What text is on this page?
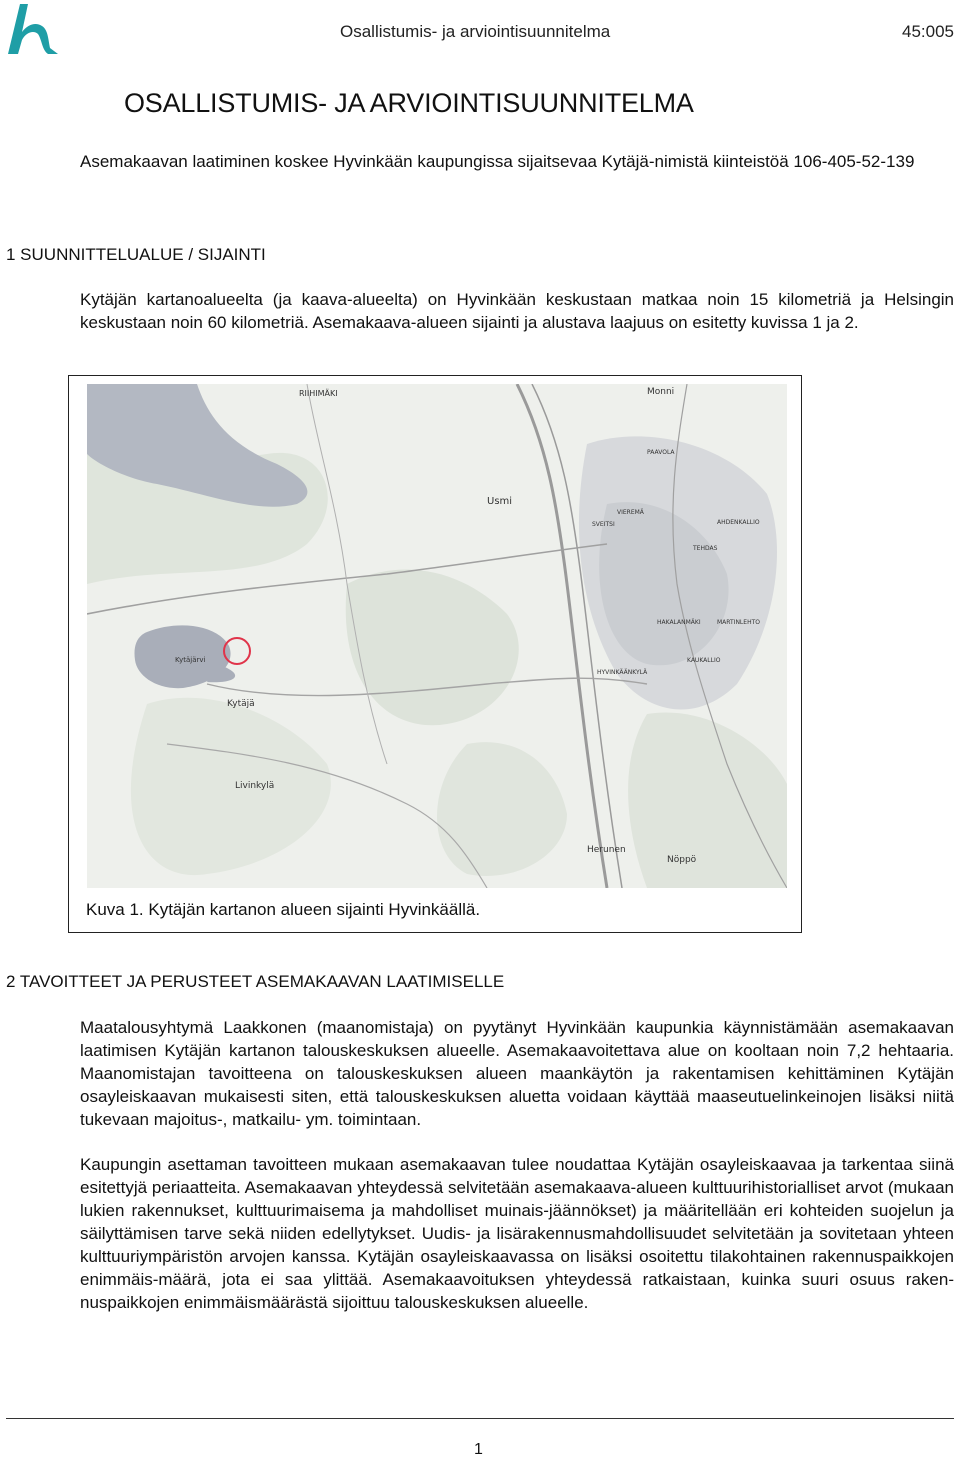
Osallistumis- ja arviointisuunnitelma	45:005
OSALLISTUMIS- JA ARVIOINTISUUNNITELMA
Asemakaavan laatiminen koskee Hyvinkään kaupungissa sijaitsevaa Kytäjä-nimistä kiinteistöä 106-405-52-139
1 SUUNNITTELUALUE / SIJAINTI
Kytäjän kartanoalueelta (ja kaava-alueelta) on Hyvinkään keskustaan matkaa noin 15 kilometriä ja Helsingin keskustaan noin 60 kilometriä. Asemakaava-alueen sijainti ja alustava laajuus on esitetty kuvissa 1 ja 2.
RIIHIMÄKI	Monni
Usmi
Kytäjärvi
Kytäjä
Livinkylä
Herunen
Nöppö
VIEREMÄ
TEHDAS
HAKALANMÄKI
HYVINKÄÄNKYLÄ
KAUKALLIO
MARTINLEHTO
SVEITSI	AHDENKALLIO
PAAVOLA
Kuva 1. Kytäjän kartanon alueen sijainti Hyvinkäällä.
2 TAVOITTEET JA PERUSTEET ASEMAKAAVAN LAATIMISELLE
Maatalousyhtymä Laakkonen (maanomistaja) on pyytänyt Hyvinkään kaupunkia käynnistämään asemakaavan laatimisen Kytäjän kartanon talouskeskuksen alueelle. Asemakaavoitettava alue on kooltaan noin 7,2 hehtaaria. Maanomistajan tavoitteena on talouskeskuksen alueen maankäytön ja rakentamisen kehittäminen Kytäjän osayleiskaavan mukaisesti siten, että talouskeskuksen aluetta voidaan käyttää maaseutuelinkeinojen lisäksi niitä tukevaan majoitus-, matkailu- ym. toimintaan.
Kaupungin asettaman tavoitteen mukaan asemakaavan tulee noudattaa Kytäjän osayleiskaavaa ja tarkentaa siinä esitettyjä periaatteita. Asemakaavan yhteydessä selvitetään asemakaava-alueen kulttuurihistorialliset arvot (mukaan lukien rakennukset, kulttuurimaisema ja mahdolliset muinais-jäännökset) ja määritellään eri kohteiden suojelun ja säilyttämisen tarve sekä niiden edellytykset. Uudis- ja lisärakennusmahdollisuudet selvitetään ja sovitetaan yhteen kulttuuriympäristön arvojen kanssa. Kytäjän osayleiskaavassa on lisäksi osoitettu tilakohtainen rakennuspaikkojen enimmäis-määrä, jota ei saa ylittää. Asemakaavoituksen yhteydessä ratkaistaan, kuinka suuri osuus raken-nuspaikkojen enimmäismäärästä sijoittuu talouskeskuksen alueelle.
1
